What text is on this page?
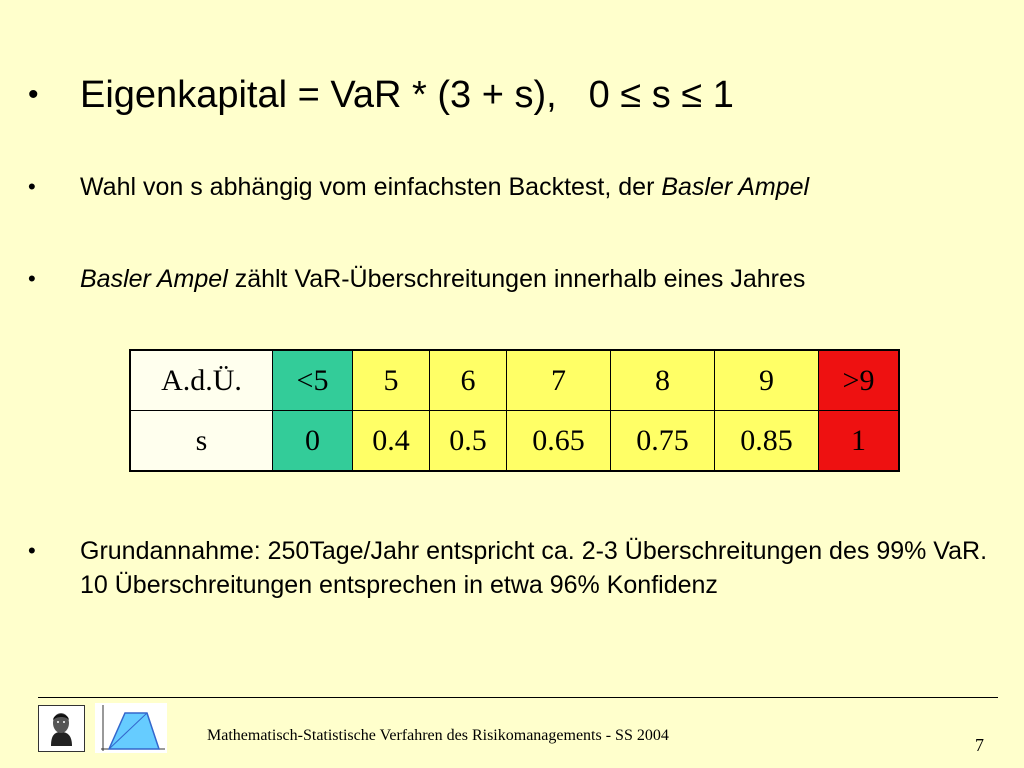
•	Eigenkapital = VaR * (3 + s), 0 ≤ s ≤ 1
•	Wahl von s abhängig vom einfachsten Backtest, der Basler Ampel
•	Basler Ampel zählt VaR-Überschreitungen innerhalb eines Jahres
A.d.Ü.	<5	5	6	7	8	9	>9
s	0	0.4	0.5	0.65	0.75	0.85	1
•	Grundannahme: 250Tage/Jahr entspricht ca. 2-3 Überschreitungen des 99% VaR. 10 Überschreitungen entsprechen in etwa 96% Konfidenz
Mathematisch-Statistische Verfahren des Risikomanagements - SS 2004	7
